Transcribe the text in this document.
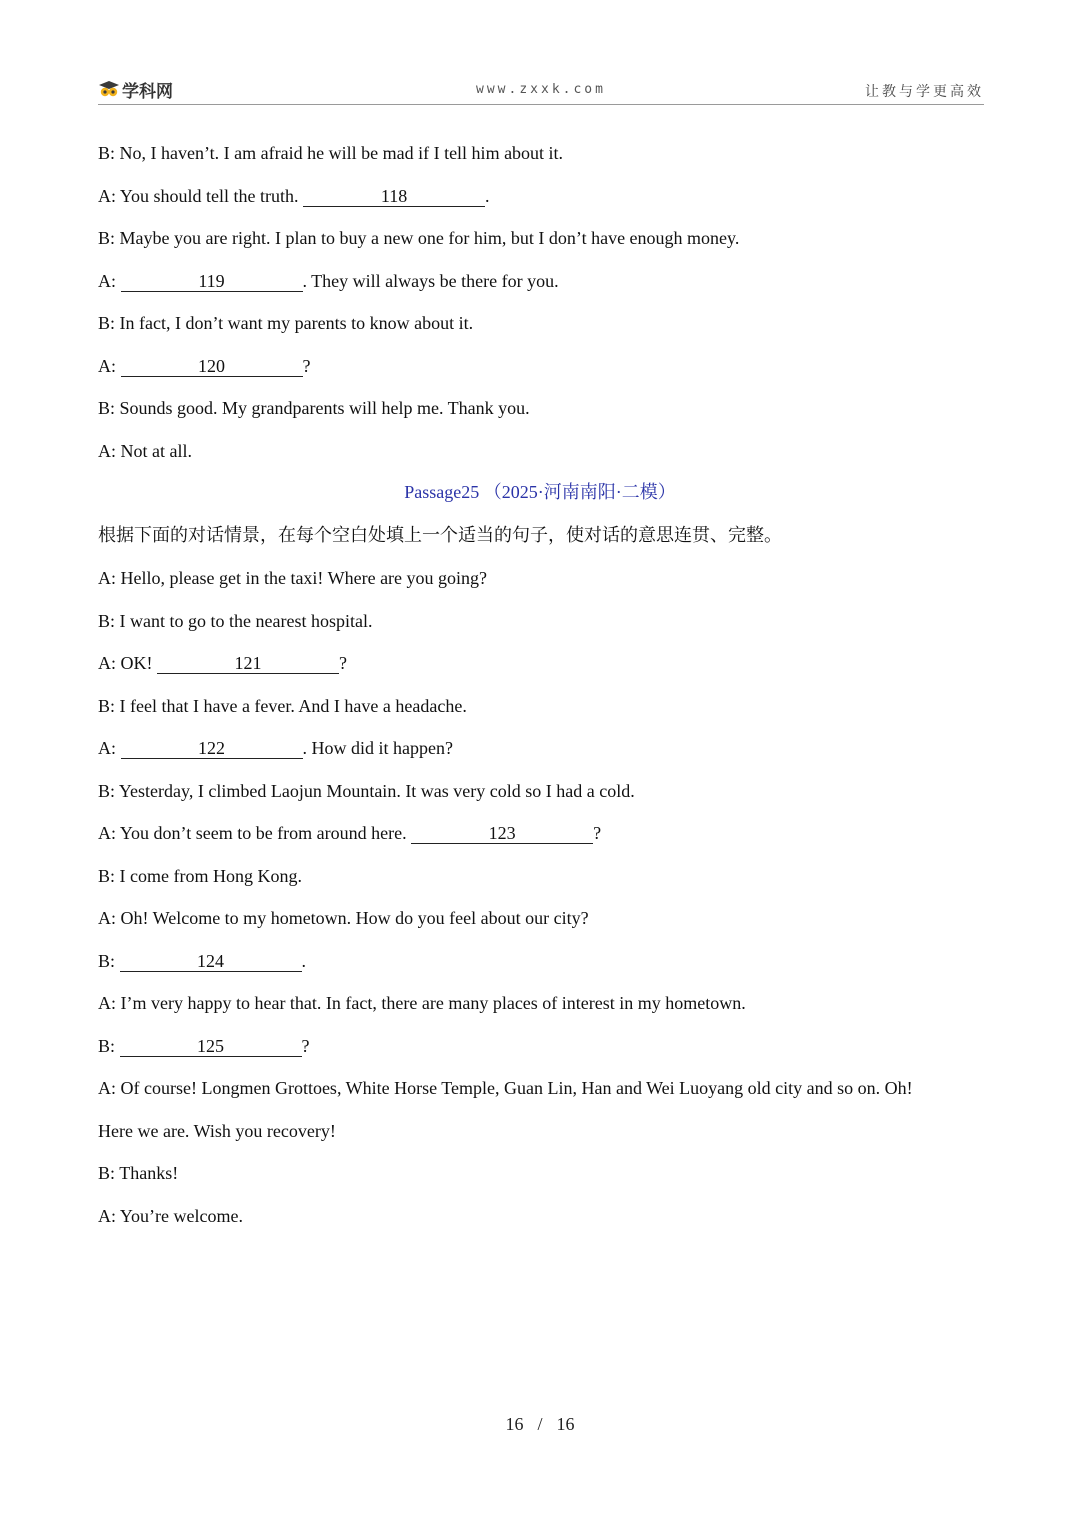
学科网	www.zxxk.com	让教与学更高效
B: No, I haven’t. I am afraid he will be mad if I tell him about it.
A: You should tell the truth.	118	.
B: Maybe you are right. I plan to buy a new one for him, but I don’t have enough money.
A:	119	. They will always be there for you.
B: In fact, I don’t want my parents to know about it.
A:	120	?
B: Sounds good. My grandparents will help me. Thank you.
A: Not at all.
Passage25 （2025·河南南阳·二模）
根据下面的对话情景，在每个空白处填上一个适当的句子，使对话的意思连贯、完整。
A: Hello, please get in the taxi! Where are you going?
B: I want to go to the nearest hospital.
A: OK!	121	?
B: I feel that I have a fever. And I have a headache.
A:	122	. How did it happen?
B: Yesterday, I climbed Laojun Mountain. It was very cold so I had a cold.
A: You don’t seem to be from around here.	123	?
B: I come from Hong Kong.
A: Oh! Welcome to my hometown. How do you feel about our city?
B:	124	.
A: I’m very happy to hear that. In fact, there are many places of interest in my hometown.
B:	125	?
A: Of course! Longmen Grottoes, White Horse Temple, Guan Lin, Han and Wei Luoyang old city and so on. Oh!
Here we are. Wish you recovery!
B: Thanks!
A: You’re welcome.
16 / 16
